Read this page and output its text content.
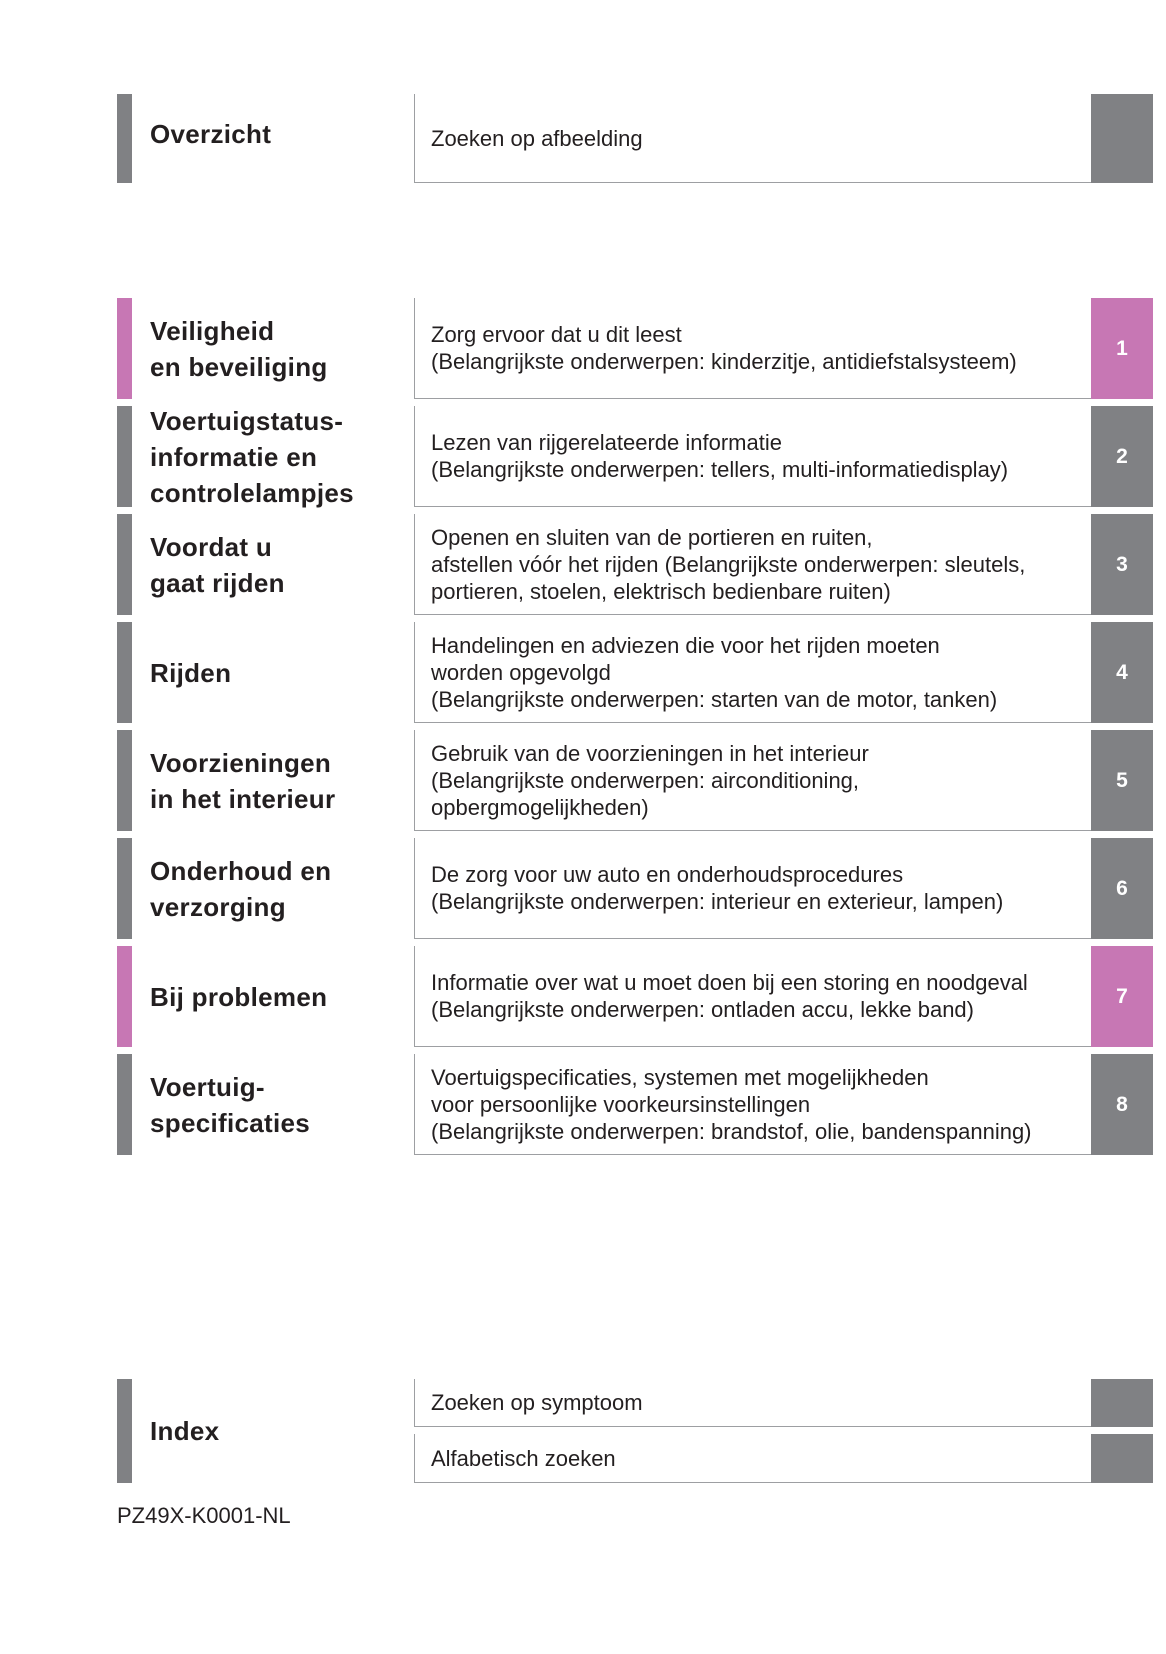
Overzicht	Zoeken op afbeelding
Veiligheid
en beveiliging
Zorg ervoor dat u dit leest
(Belangrijkste onderwerpen: kinderzitje, antidiefstalsysteem)
1
Voertuigstatus-
informatie en
controlelampjes
Lezen van rijgerelateerde informatie
(Belangrijkste onderwerpen: tellers, multi-informatiedisplay)
2
Voordat u
gaat rijden
Openen en sluiten van de portieren en ruiten,
afstellen vóór het rijden (Belangrijkste onderwerpen: sleutels,
portieren, stoelen, elektrisch bedienbare ruiten)
3
Rijden
Handelingen en adviezen die voor het rijden moeten
worden opgevolgd
(Belangrijkste onderwerpen: starten van de motor, tanken)
4
Voorzieningen
in het interieur
Gebruik van de voorzieningen in het interieur
(Belangrijkste onderwerpen: airconditioning,
opbergmogelijkheden)
5
Onderhoud en
verzorging
De zorg voor uw auto en onderhoudsprocedures
(Belangrijkste onderwerpen: interieur en exterieur, lampen)
6
Bij problemen	Informatie over wat u moet doen bij een storing en noodgeval
(Belangrijkste onderwerpen: ontladen accu, lekke band)
7
Voertuig-
specificaties
Voertuigspecificaties, systemen met mogelijkheden
voor persoonlijke voorkeursinstellingen
(Belangrijkste onderwerpen: brandstof, olie, bandenspanning)
8
Index
Zoeken op symptoom
Alfabetisch zoeken
PZ49X-K0001-NL
